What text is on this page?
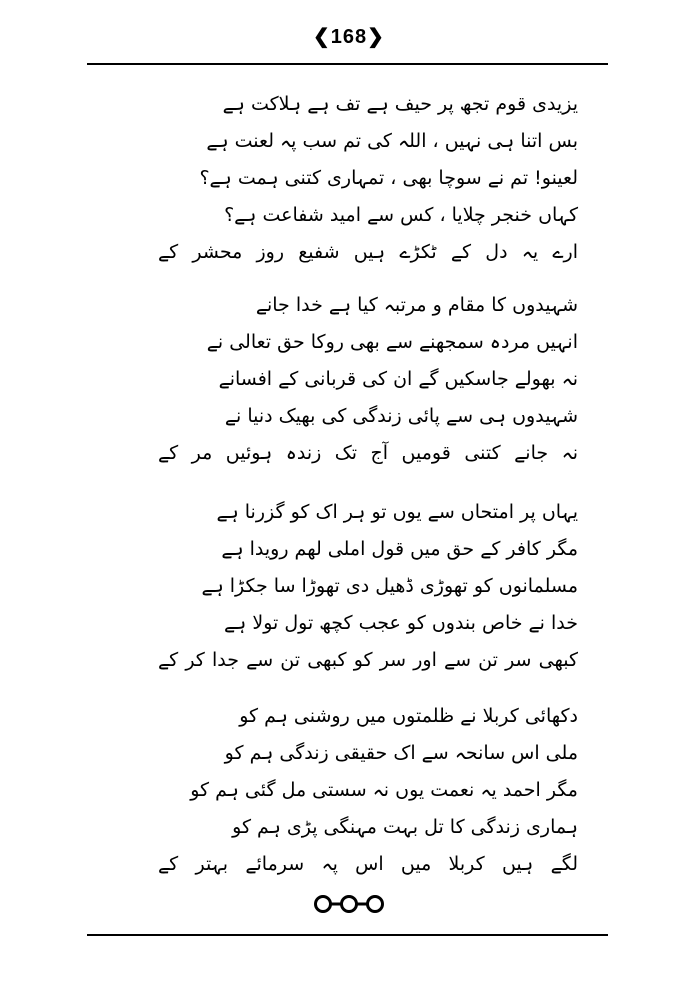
❮168❯
یزیدی قوم تجھ پر حیف ہے تف ہے ہلاکت ہے
بس اتنا ہی نہیں ، اللہ کی تم سب پہ لعنت ہے
لعینو! تم نے سوچا بھی ، تمہاری کتنی ہمت ہے؟
کہاں خنجر چلایا ، کس سے امید شفاعت ہے؟
ارے یہ دل کے ٹکڑے ہیں شفیع روز محشر کے
شہیدوں کا مقام و مرتبہ کیا ہے خدا جانے
انہیں مردہ سمجھنے سے بھی روکا حق تعالی نے
نہ بھولے جاسکیں گے ان کی قربانی کے افسانے
شہیدوں ہی سے پائی زندگی کی بھیک دنیا نے
نہ جانے کتنی قومیں آج تک زندہ ہوئیں مر کے
یہاں پر امتحاں سے یوں تو ہر اک کو گزرنا ہے
مگر کافر کے حق میں قول املی لھم رویدا ہے
مسلمانوں کو تھوڑی ڈھیل دی تھوڑا سا جکڑا ہے
خدا نے خاص بندوں کو عجب کچھ تول تولا ہے
کبھی سر تن سے اور سر کو کبھی تن سے جدا کر کے
دکھائی کربلا نے ظلمتوں میں روشنی ہم کو
ملی اس سانحہ سے اک حقیقی زندگی ہم کو
مگر احمد یہ نعمت یوں نہ سستی مل گئی ہم کو
ہماری زندگی کا تل بہت مہنگی پڑی ہم کو
لگے ہیں کربلا میں اس پہ سرمائے بہتر کے
